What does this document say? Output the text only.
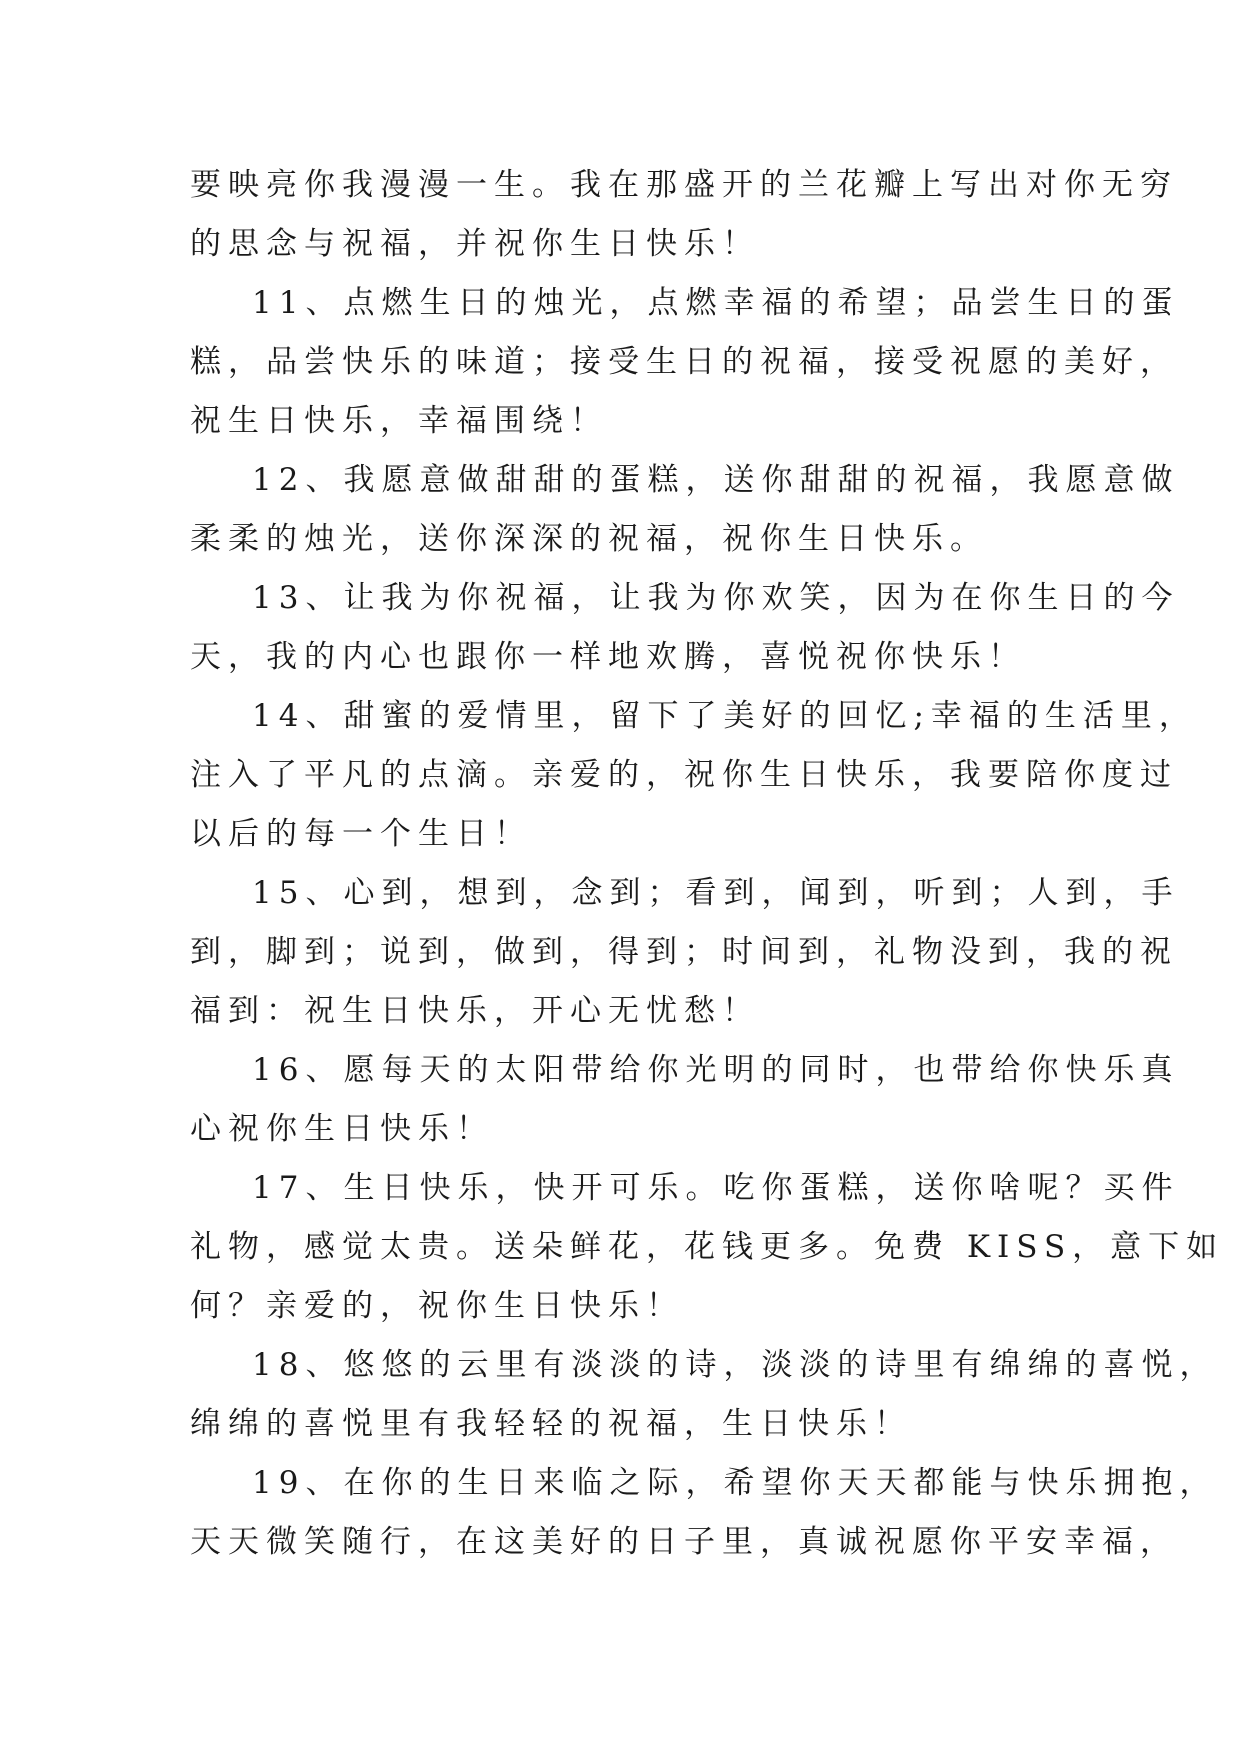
要映亮你我漫漫一生。我在那盛开的兰花瓣上写出对你无穷
的思念与祝福，并祝你生日快乐！

11、点燃生日的烛光，点燃幸福的希望；品尝生日的蛋
糕，品尝快乐的味道；接受生日的祝福，接受祝愿的美好，
祝生日快乐，幸福围绕！

12、我愿意做甜甜的蛋糕，送你甜甜的祝福，我愿意做
柔柔的烛光，送你深深的祝福，祝你生日快乐。

13、让我为你祝福，让我为你欢笑，因为在你生日的今
天，我的内心也跟你一样地欢腾，喜悦祝你快乐！

14、甜蜜的爱情里，留下了美好的回忆;幸福的生活里，
注入了平凡的点滴。亲爱的，祝你生日快乐，我要陪你度过
以后的每一个生日！

15、心到，想到，念到；看到，闻到，听到；人到，手
到，脚到；说到，做到，得到；时间到，礼物没到，我的祝
福到：祝生日快乐，开心无忧愁！

16、愿每天的太阳带给你光明的同时，也带给你快乐真
心祝你生日快乐！

17、生日快乐，快开可乐。吃你蛋糕，送你啥呢？买件
礼物，感觉太贵。送朵鲜花，花钱更多。免费 KISS，意下如
何？亲爱的，祝你生日快乐！

18、悠悠的云里有淡淡的诗，淡淡的诗里有绵绵的喜悦，
绵绵的喜悦里有我轻轻的祝福，生日快乐！

19、在你的生日来临之际，希望你天天都能与快乐拥抱，
天天微笑随行，在这美好的日子里，真诚祝愿你平安幸福，
